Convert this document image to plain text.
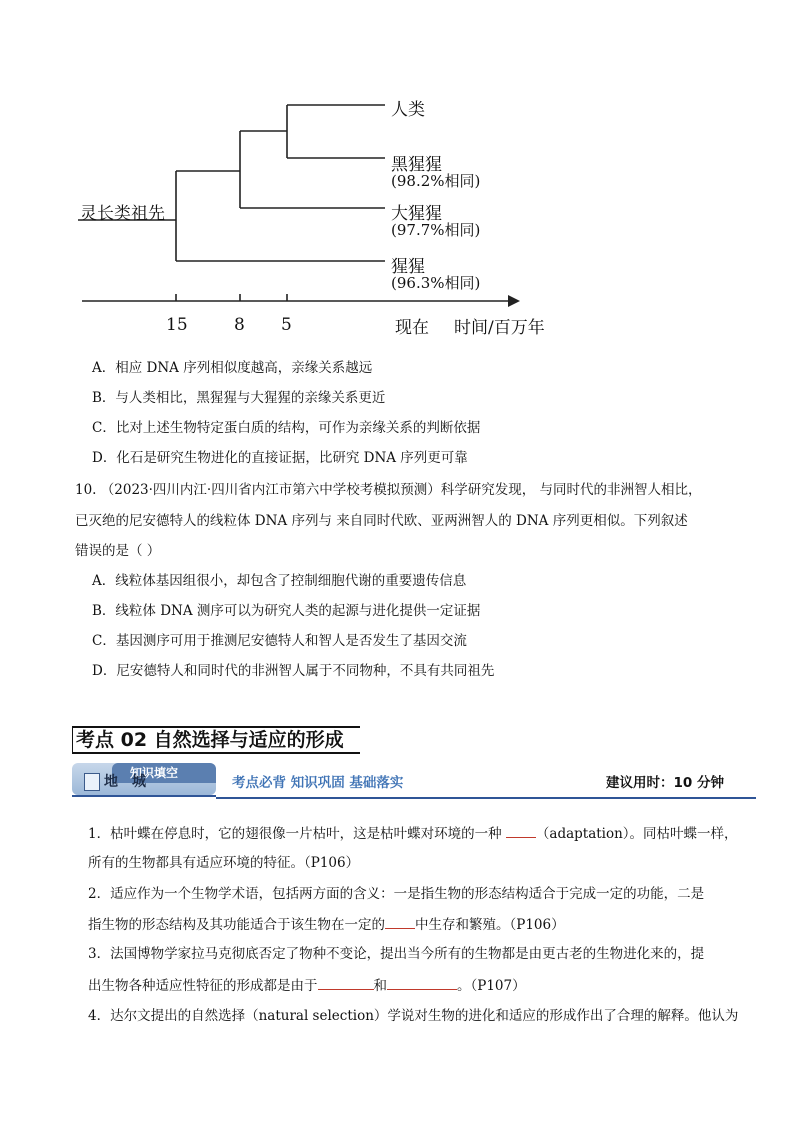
灵长类祖先
人类
黑猩猩
(98.2%相同)
大猩猩
(97.7%相同)
猩猩
(96.3%相同)
15	8 5	现在 时间/百万年
A．相应 DNA 序列相似度越高，亲缘关系越远
B．与人类相比，黑猩猩与大猩猩的亲缘关系更近
C．比对上述生物特定蛋白质的结构，可作为亲缘关系的判断依据
D．化石是研究生物进化的直接证据，比研究 DNA 序列更可靠
10. （2023·四川内江·四川省内江市第六中学校考模拟预测）科学研究发现， 与同时代的非洲智人相比，
已灭绝的尼安德特人的线粒体 DNA 序列与 来自同时代欧、亚两洲智人的 DNA 序列更相似。下列叙述
错误的是（ ）
A．线粒体基因组很小，却包含了控制细胞代谢的重要遗传信息
B．线粒体 DNA 测序可以为研究人类的起源与进化提供一定证据
C．基因测序可用于推测尼安德特人和智人是否发生了基因交流
D．尼安德特人和同时代的非洲智人属于不同物种，不具有共同祖先
考点 02 自然选择与适应的形成
知识填空
地城	考点必背 知识巩固 基础落实	建议用时：10 分钟
1．枯叶蝶在停息时，它的翅很像一片枯叶，这是枯叶蝶对环境的一种 （adaptation）。同枯叶蝶一样，
所有的生物都具有适应环境的特征。（P106）
2．适应作为一个生物学术语，包括两方面的含义：一是指生物的形态结构适合于完成一定的功能，二是
指生物的形态结构及其功能适合于该生物在一定的 中生存和繁殖。（P106）
3．法国博物学家拉马克彻底否定了物种不变论，提出当今所有的生物都是由更古老的生物进化来的，提
出生物各种适应性特征的形成都是由于	和	。（P107）
4．达尔文提出的自然选择（natural selection）学说对生物的进化和适应的形成作出了合理的解释。他认为
